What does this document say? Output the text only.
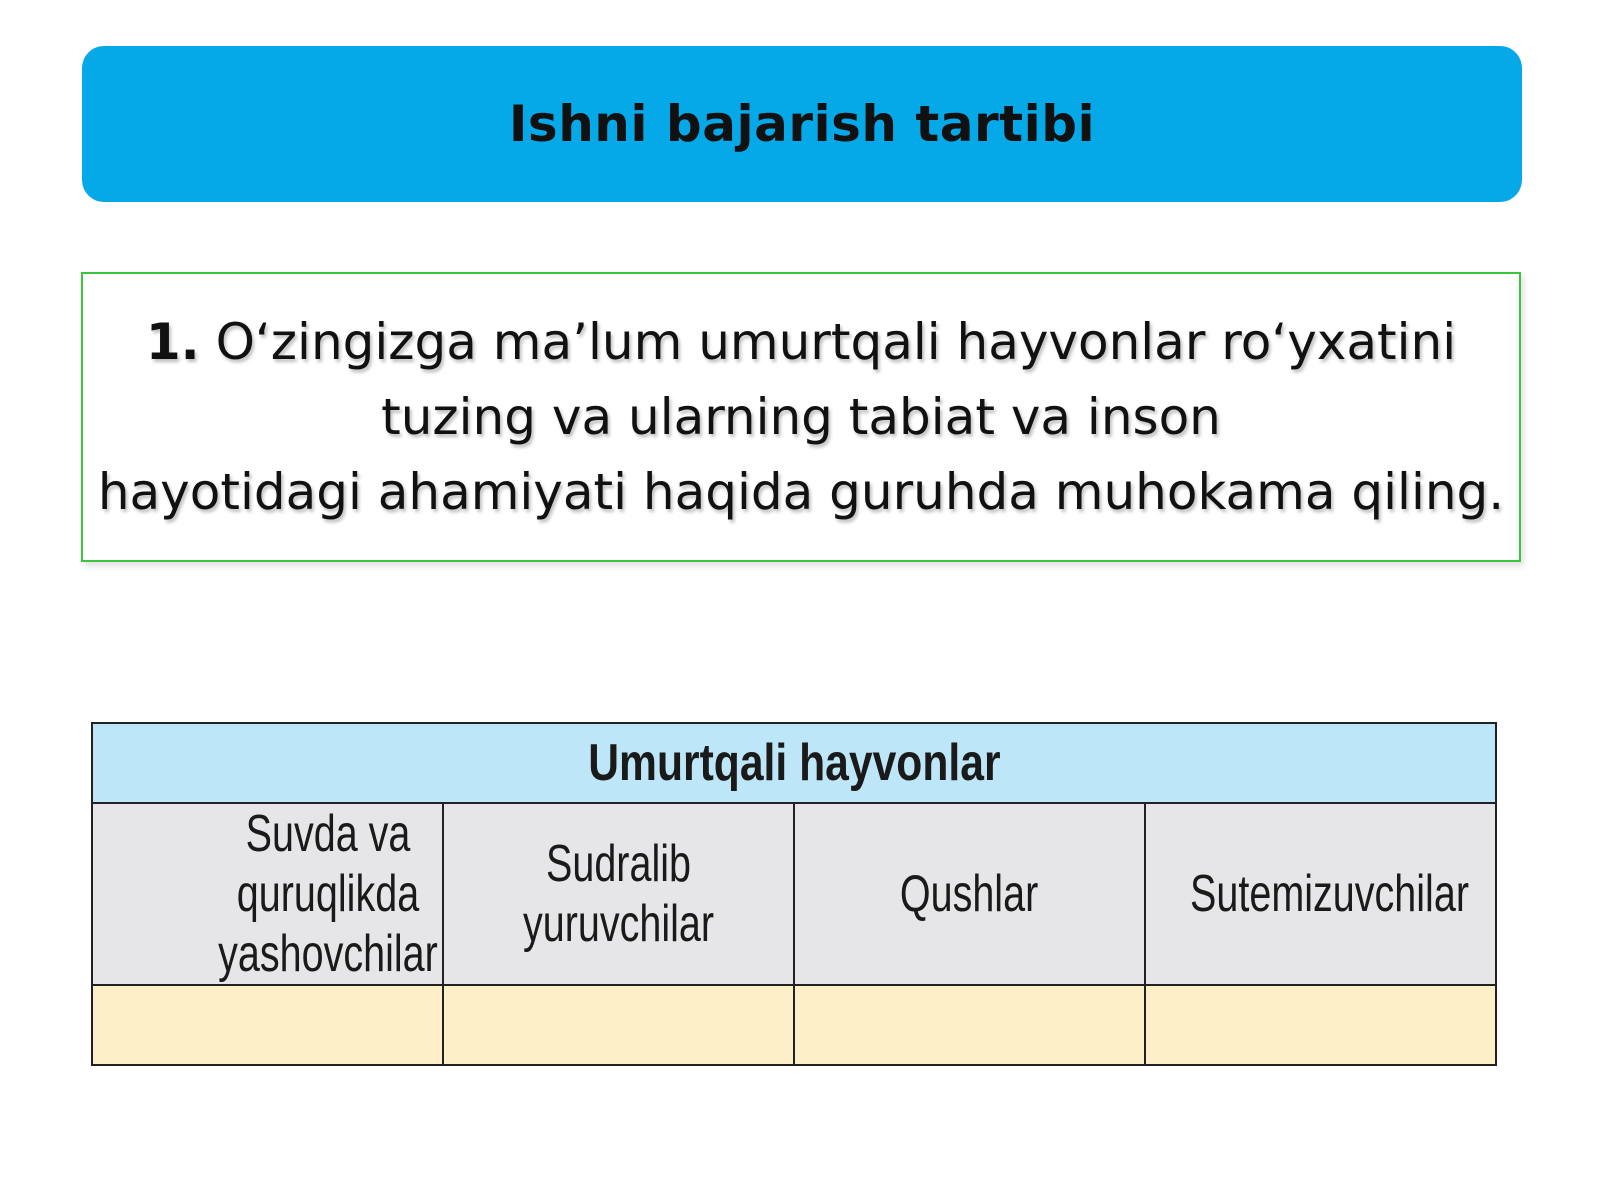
Ishni bajarish tartibi
1. O‘zingizga ma’lum umurtqali hayvonlar ro‘yxatini
tuzing va ularning tabiat va inson
hayotidagi ahamiyati haqida guruhda muhokama qiling.
Umurtqali hayvonlar			
Suvda va quruqlikda yashovchilar	Sudralib yuruvchilar	Qushlar	Sutemizuvchilar
